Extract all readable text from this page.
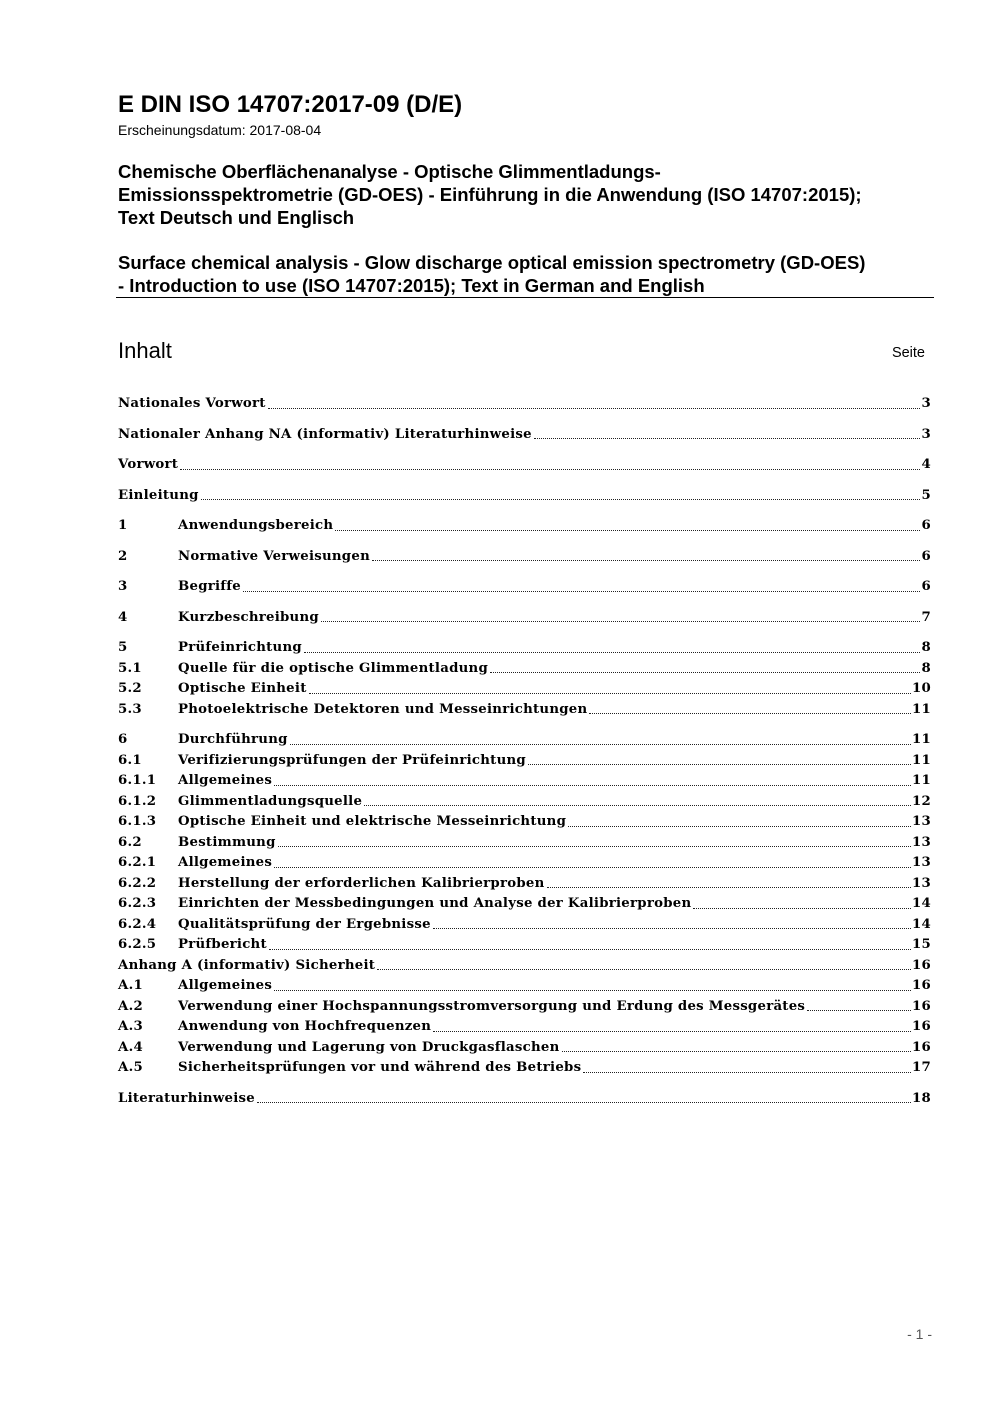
E DIN ISO 14707:2017-09 (D/E)
Erscheinungsdatum: 2017-08-04
Chemische Oberflächenanalyse - Optische Glimmentladungs-
Emissionsspektrometrie (GD-OES) - Einführung in die Anwendung (ISO 14707:2015);
Text Deutsch und Englisch
Surface chemical analysis - Glow discharge optical emission spectrometry (GD-OES)
- Introduction to use (ISO 14707:2015); Text in German and English
Inhalt	Seite
Nationales Vorwort	3
Nationaler Anhang NA (informativ) Literaturhinweise	3
Vorwort	4
Einleitung	5
1	Anwendungsbereich	6
2	Normative Verweisungen	6
3	Begriffe	6
4	Kurzbeschreibung	7
5	Prüfeinrichtung	8
5.1	Quelle für die optische Glimmentladung	8
5.2	Optische Einheit	10
5.3	Photoelektrische Detektoren und Messeinrichtungen	11
6	Durchführung	11
6.1	Verifizierungsprüfungen der Prüfeinrichtung	11
6.1.1	Allgemeines	11
6.1.2	Glimmentladungsquelle	12
6.1.3	Optische Einheit und elektrische Messeinrichtung	13
6.2	Bestimmung	13
6.2.1	Allgemeines	13
6.2.2	Herstellung der erforderlichen Kalibrierproben	13
6.2.3	Einrichten der Messbedingungen und Analyse der Kalibrierproben	14
6.2.4	Qualitätsprüfung der Ergebnisse	14
6.2.5	Prüfbericht	15
Anhang A (informativ) Sicherheit	16
A.1	Allgemeines	16
A.2	Verwendung einer Hochspannungsstromversorgung und Erdung des Messgerätes	16
A.3	Anwendung von Hochfrequenzen	16
A.4	Verwendung und Lagerung von Druckgasflaschen	16
A.5	Sicherheitsprüfungen vor und während des Betriebs	17
Literaturhinweise	18
- 1 -
